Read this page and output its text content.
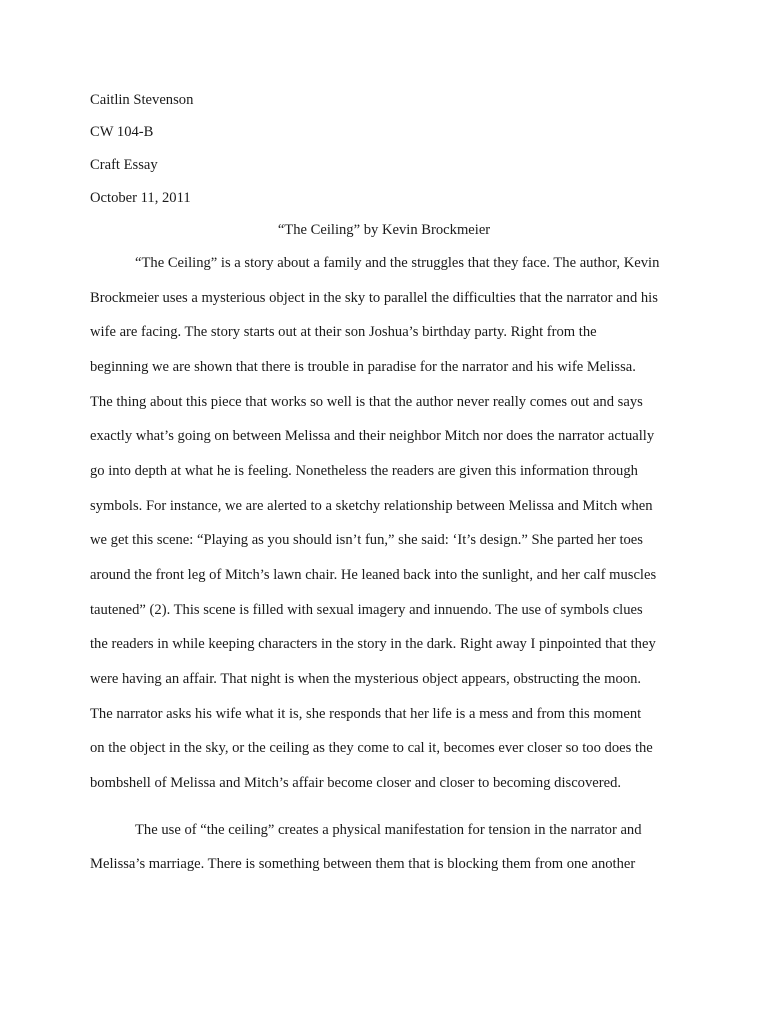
Caitlin Stevenson
CW 104-B
Craft Essay
October 11, 2011
“The Ceiling” by Kevin Brockmeier
“The Ceiling” is a story about a family and the struggles that they face. The author, Kevin
Brockmeier uses a mysterious object in the sky to parallel the difficulties that the narrator and his
wife are facing. The story starts out at their son Joshua’s birthday party. Right from the
beginning we are shown that there is trouble in paradise for the narrator and his wife Melissa.
The thing about this piece that works so well is that the author never really comes out and says
exactly what’s going on between Melissa and their neighbor Mitch nor does the narrator actually
go into depth at what he is feeling. Nonetheless the readers are given this information through
symbols. For instance, we are alerted to a sketchy relationship between Melissa and Mitch when
we get this scene: “Playing as you should isn’t fun,” she said: ‘It’s design.” She parted her toes
around the front leg of Mitch’s lawn chair. He leaned back into the sunlight, and her calf muscles
tautened” (2). This scene is filled with sexual imagery and innuendo. The use of symbols clues
the readers in while keeping characters in the story in the dark. Right away I pinpointed that they
were having an affair. That night is when the mysterious object appears, obstructing the moon.
The narrator asks his wife what it is, she responds that her life is a mess and from this moment
on the object in the sky, or the ceiling as they come to cal it, becomes ever closer so too does the
bombshell of Melissa and Mitch’s affair become closer and closer to becoming discovered.
The use of “the ceiling” creates a physical manifestation for tension in the narrator and
Melissa’s marriage. There is something between them that is blocking them from one another
